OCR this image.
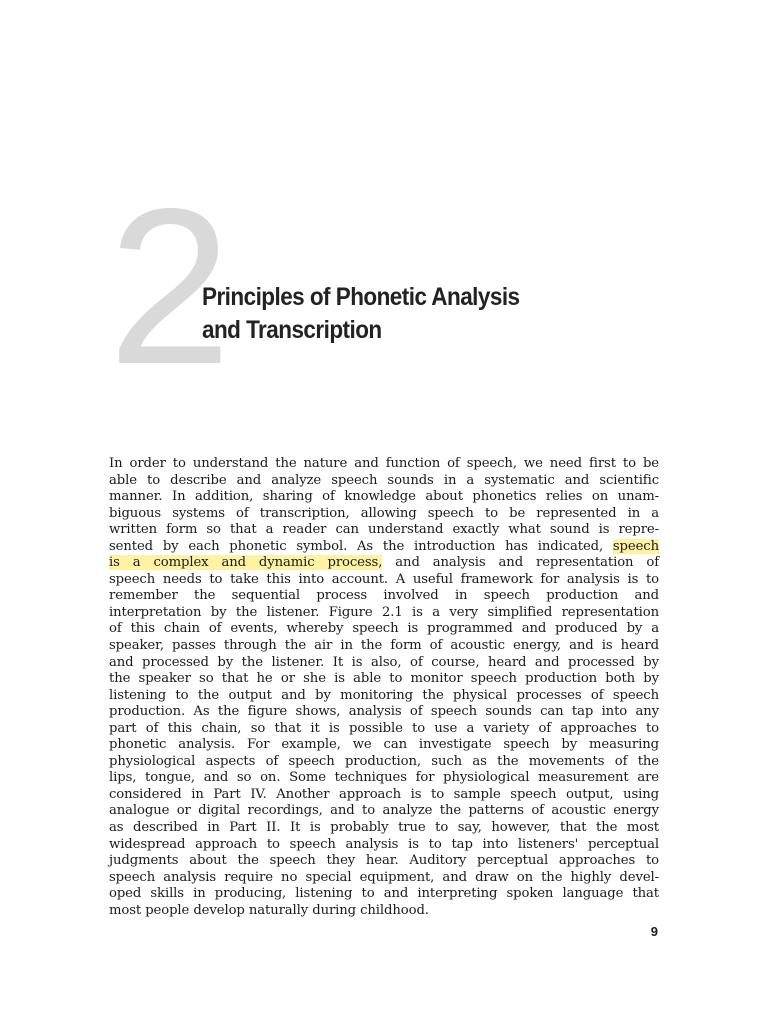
2
Principles of Phonetic Analysis
and Transcription
In order to understand the nature and function of speech, we need first to be
able to describe and analyze speech sounds in a systematic and scientific
manner. In addition, sharing of knowledge about phonetics relies on unam-
biguous systems of transcription, allowing speech to be represented in a
written form so that a reader can understand exactly what sound is repre-
sented by each phonetic symbol. As the introduction has indicated, speech
is a complex and dynamic process, and analysis and representation of
speech needs to take this into account. A useful framework for analysis is to
remember the sequential process involved in speech production and
interpretation by the listener. Figure 2.1 is a very simplified representation
of this chain of events, whereby speech is programmed and produced by a
speaker, passes through the air in the form of acoustic energy, and is heard
and processed by the listener. It is also, of course, heard and processed by
the speaker so that he or she is able to monitor speech production both by
listening to the output and by monitoring the physical processes of speech
production. As the figure shows, analysis of speech sounds can tap into any
part of this chain, so that it is possible to use a variety of approaches to
phonetic analysis. For example, we can investigate speech by measuring
physiological aspects of speech production, such as the movements of the
lips, tongue, and so on. Some techniques for physiological measurement are
considered in Part IV. Another approach is to sample speech output, using
analogue or digital recordings, and to analyze the patterns of acoustic energy
as described in Part II. It is probably true to say, however, that the most
widespread approach to speech analysis is to tap into listeners' perceptual
judgments about the speech they hear. Auditory perceptual approaches to
speech analysis require no special equipment, and draw on the highly devel-
oped skills in producing, listening to and interpreting spoken language that
most people develop naturally during childhood.
9
